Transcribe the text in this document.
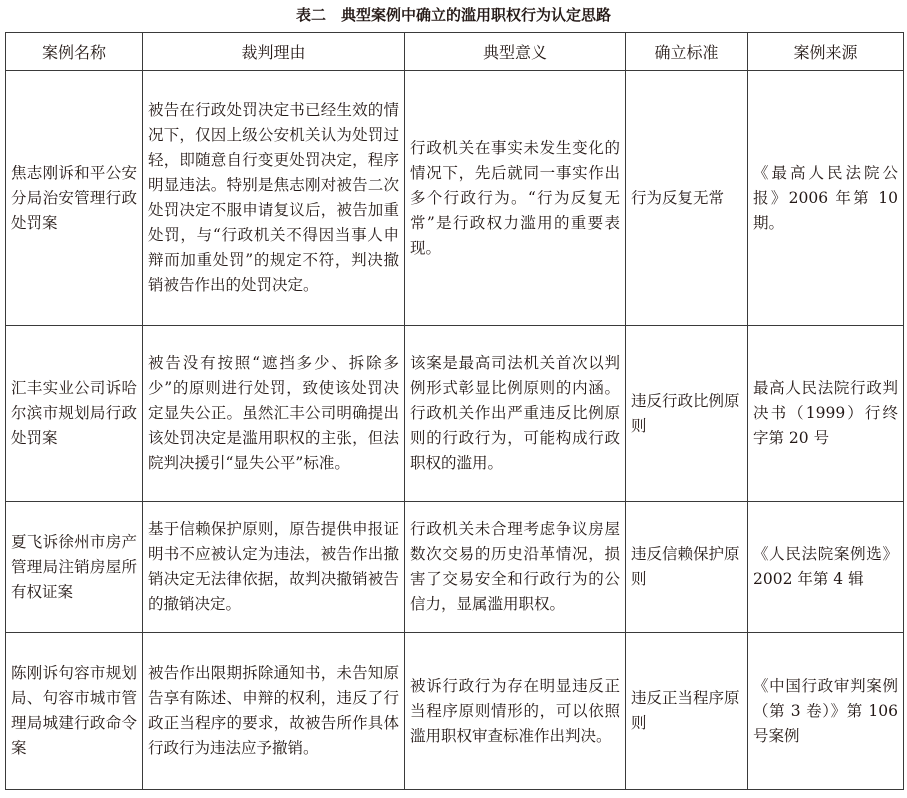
表二　典型案例中确立的滥用职权行为认定思路
案例名称	裁判理由	典型意义	确立标准	案例来源
焦志刚诉和平公安分局治安管理行政处罚案	被告在行政处罚决定书已经生效的情况下，仅因上级公安机关认为处罚过轻，即随意自行变更处罚决定，程序明显违法。特别是焦志刚对被告二次处罚决定不服申请复议后，被告加重处罚，与“行政机关不得因当事人申辩而加重处罚”的规定不符，判决撤销被告作出的处罚决定。	行政机关在事实未发生变化的情况下，先后就同一事实作出多个行政行为。“行为反复无常”是行政权力滥用的重要表现。	行为反复无常	《最高人民法院公报》2006 年第 10 期。
汇丰实业公司诉哈尔滨市规划局行政处罚案	被告没有按照“遮挡多少、拆除多少”的原则进行处罚，致使该处罚决定显失公正。虽然汇丰公司明确提出该处罚决定是滥用职权的主张，但法院判决援引“显失公平”标准。	该案是最高司法机关首次以判例形式彰显比例原则的内涵。行政机关作出严重违反比例原则的行政行为，可能构成行政职权的滥用。	违反行政比例原则	最高人民法院行政判决书（1999）行终字第 20 号
夏飞诉徐州市房产管理局注销房屋所有权证案	基于信赖保护原则，原告提供申报证明书不应被认定为违法，被告作出撤销决定无法律依据，故判决撤销被告的撤销决定。	行政机关未合理考虑争议房屋数次交易的历史沿革情况，损害了交易安全和行政行为的公信力，显属滥用职权。	违反信赖保护原则	《人民法院案例选》2002 年第 4 辑
陈刚诉句容市规划局、句容市城市管理局城建行政命令案	被告作出限期拆除通知书，未告知原告享有陈述、申辩的权利，违反了行政正当程序的要求，故被告所作具体行政行为违法应予撤销。	被诉行政行为存在明显违反正当程序原则情形的，可以依照滥用职权审查标准作出判决。	违反正当程序原则	《中国行政审判案例（第 3 卷）》第 106 号案例
